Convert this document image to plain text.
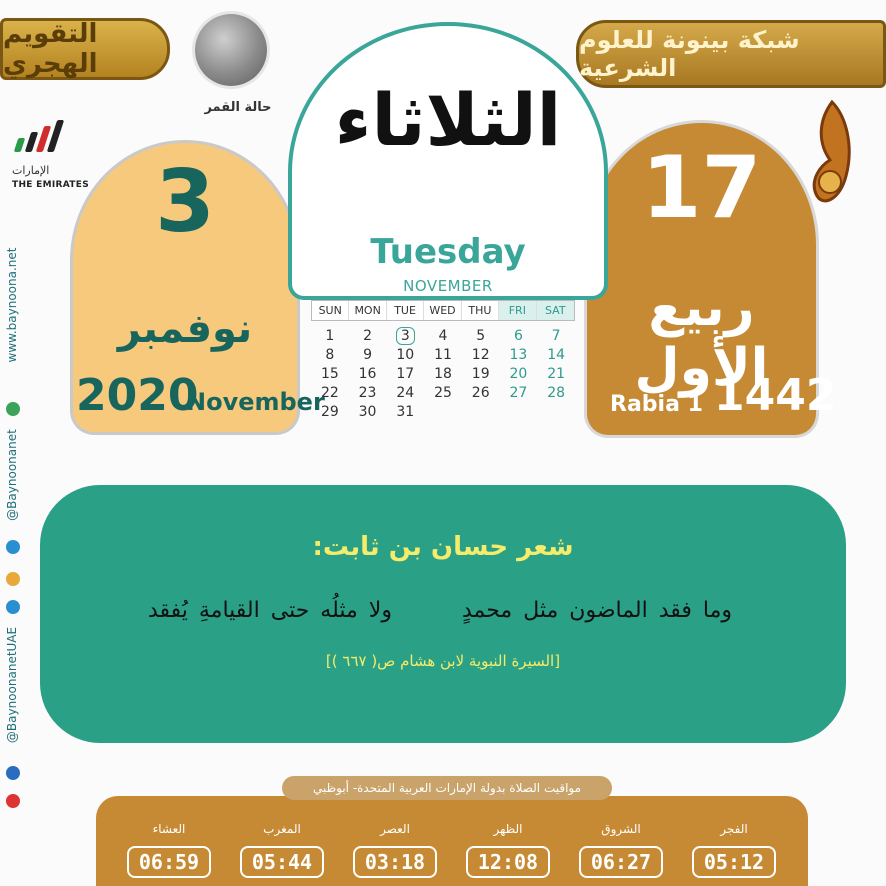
التقويم الهجري
شبكة بينونة للعلوم الشرعية
حالة القمر
الإمارات
THE EMIRATES
www.baynoona.net
@Baynoonanet
@BaynoonanetUAE
3
نوفمبر
2020
November
17
ربيع الأول
Rabia 1 1442
الثلاثاء
Tuesday
NOVEMBER
SUN	MON	TUE	WED	THU	FRI	SAT
1	2	3	4	5	6	7
8	9	10	11	12	13	14
15	16	17	18	19	20	21
22	23	24	25	26	27	28
29	30	31
شعر حسان بن ثابت:
وما فقد الماضون مثل محمدٍ  ولا مثلُه حتى القيامةِ يُفقد
[السيرة النبوية لابن هشام ص( ٦٦٧ )]
مواقيت الصلاة بدولة الإمارات العربية المتحدة- أبوظبي
العشاء
06:59
المغرب
05:44
العصر
03:18
الظهر
12:08
الشروق
06:27
الفجر
05:12
